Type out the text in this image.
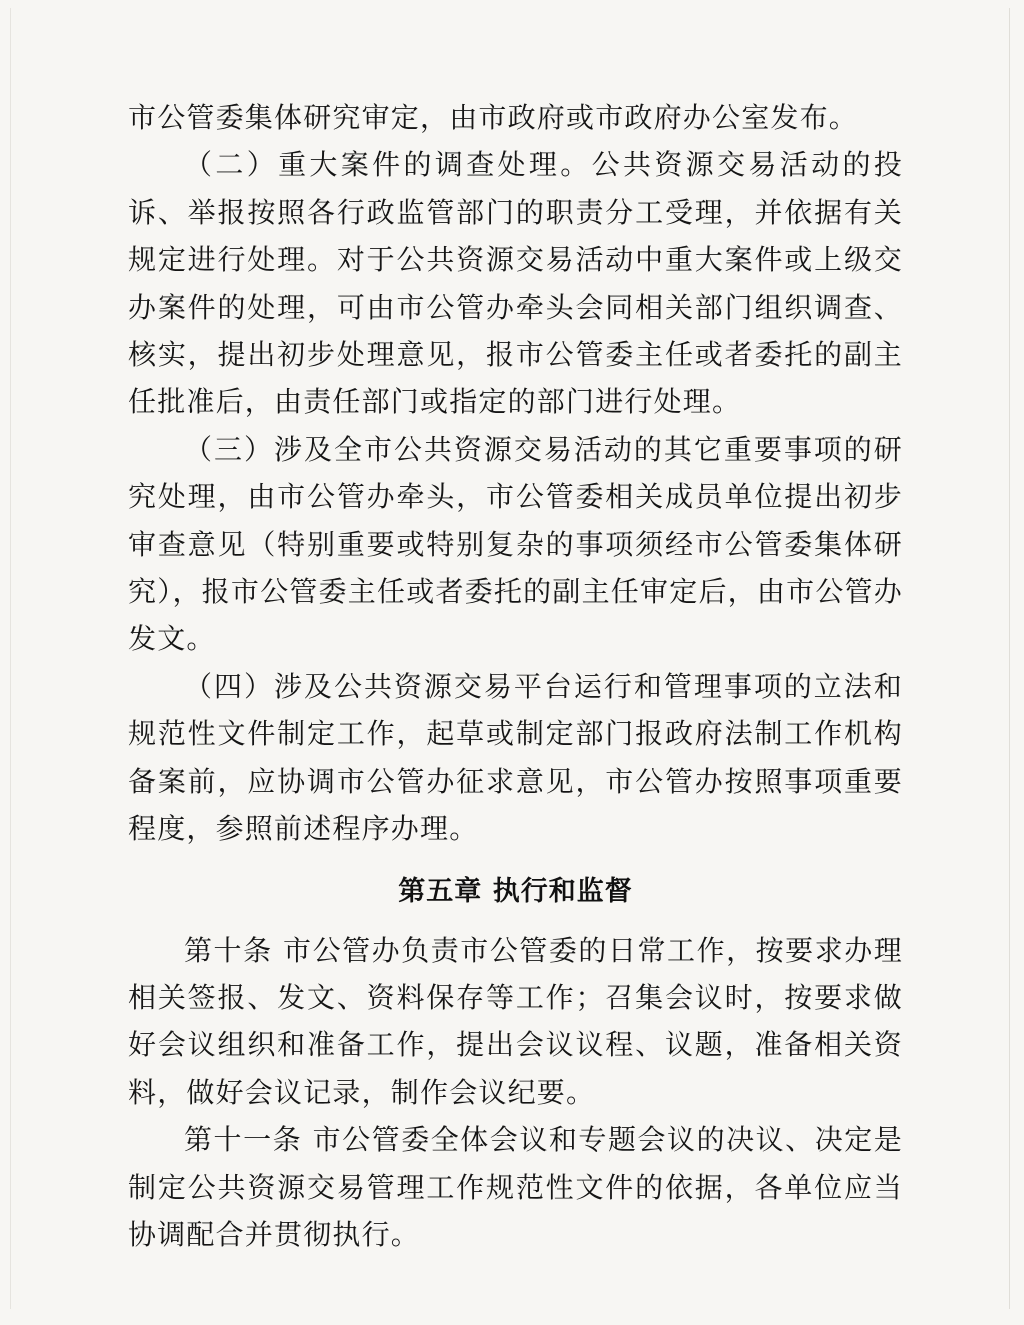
市公管委集体研究审定，由市政府或市政府办公室发布。

（二）重大案件的调查处理。公共资源交易活动的投诉、举报按照各行政监管部门的职责分工受理，并依据有关规定进行处理。对于公共资源交易活动中重大案件或上级交办案件的处理，可由市公管办牵头会同相关部门组织调查、核实，提出初步处理意见，报市公管委主任或者委托的副主任批准后，由责任部门或指定的部门进行处理。

（三）涉及全市公共资源交易活动的其它重要事项的研究处理，由市公管办牵头，市公管委相关成员单位提出初步审查意见（特别重要或特别复杂的事项须经市公管委集体研究），报市公管委主任或者委托的副主任审定后，由市公管办发文。

（四）涉及公共资源交易平台运行和管理事项的立法和规范性文件制定工作，起草或制定部门报政府法制工作机构备案前，应协调市公管办征求意见，市公管办按照事项重要程度，参照前述程序办理。

第五章 执行和监督

第十条 市公管办负责市公管委的日常工作，按要求办理相关签报、发文、资料保存等工作；召集会议时，按要求做好会议组织和准备工作，提出会议议程、议题，准备相关资料，做好会议记录，制作会议纪要。

第十一条 市公管委全体会议和专题会议的决议、决定是制定公共资源交易管理工作规范性文件的依据，各单位应当协调配合并贯彻执行。
